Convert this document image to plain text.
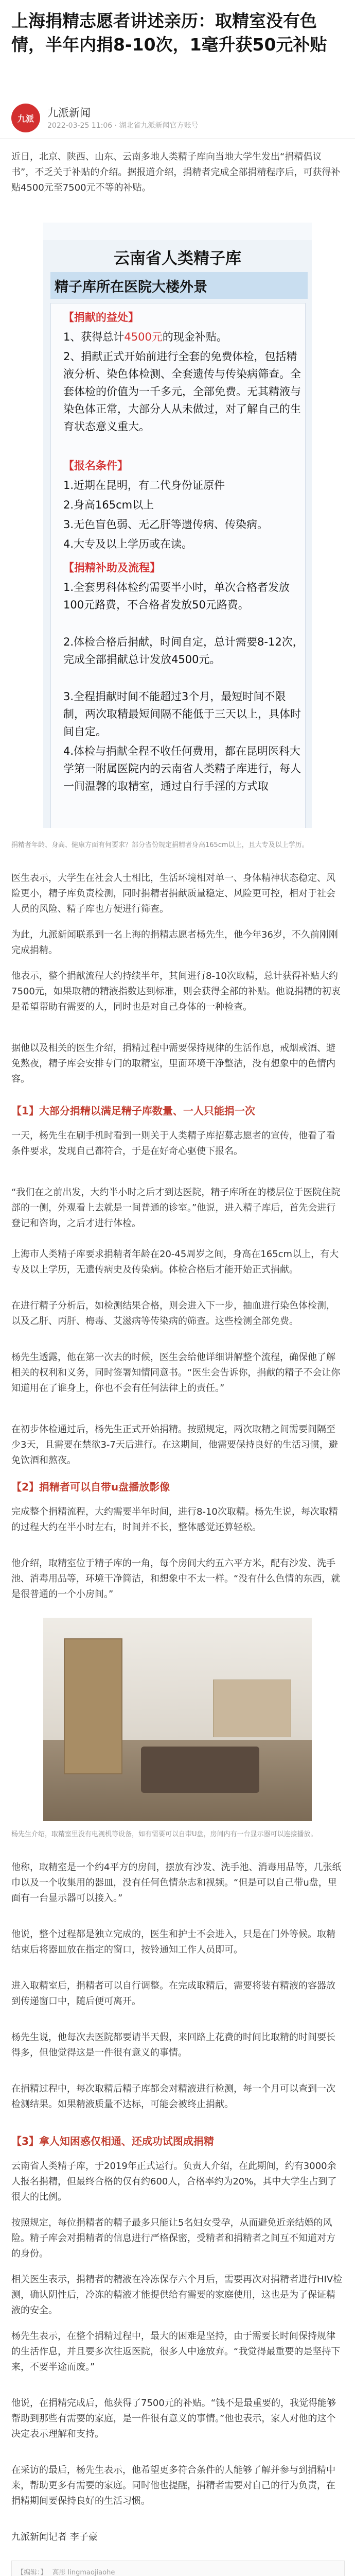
上海捐精志愿者讲述亲历：取精室没有色情，半年内捐8-10次，1毫升获50元补贴
九派 九派新闻
2022-03-25 11:06 · 湖北省九派新闻官方账号

近日，北京、陕西、山东、云南多地人类精子库向当地大学生发出“捐精倡议书”，不乏关于补贴的介绍。据报道介绍，捐精者完成全部捐精程序后，可获得补贴4500元至7500元不等的补贴。

云南省人类精子库
精子库所在医院大楼外景

【捐献的益处】

1、获得总计4500元的现金补贴。

2、捐献正式开始前进行全套的免费体检，包括精液分析、染色体检测、全套遗传与传染病筛查。全套体检的价值为一千多元，全部免费。无其精液与染色体正常，大部分人从未做过，对了解自己的生育状态意义重大。

【报名条件】

1.近期在昆明，有二代身份证原件

2.身高165cm以上

3.无色盲色弱、无乙肝等遗传病、传染病。

4.大专及以上学历或在读。

【捐精补助及流程】

1.全套男科体检约需要半小时，单次合格者发放100元路费，不合格者发放50元路费。

2.体检合格后捐献，时间自定，总计需要8-12次，完成全部捐献总计发放4500元。

3.全程捐献时间不能超过3个月，最短时间不限制，两次取精最短间隔不能低于三天以上，具体时间自定。

4.体检与捐献全程不收任何费用，都在昆明医科大学第一附属医院内的云南省人类精子库进行，每人一间温馨的取精室，通过自行手淫的方式取

捐精者年龄、身高、健康方面有何要求？部分省份规定捐精者身高165cm以上，且大专及以上学历。

医生表示，大学生在社会人士相比，生活环境相对单一、身体精神状态稳定、风险更小，精子库负责检测，同时捐精者捐献质量稳定、风险更可控，相对于社会人员的风险、精子库也方便进行筛查。

为此，九派新闻联系到一名上海的捐精志愿者杨先生，他今年36岁，不久前刚刚完成捐精。

他表示，整个捐献流程大约持续半年，其间进行8-10次取精，总计获得补贴大约7500元，如果取精的精液指数达到标准，则会获得全部的补贴。他说捐精的初衷是希望帮助有需要的人，同时也是对自己身体的一种检查。

据他以及相关的医生介绍，捐精过程中需要保持规律的生活作息，戒烟戒酒、避免熬夜，精子库会安排专门的取精室，里面环境干净整洁，没有想象中的色情内容。

【1】大部分捐精以满足精子库数量、一人只能捐一次

一天，杨先生在刷手机时看到一则关于人类精子库招募志愿者的宣传，他看了看条件要求，发现自己都符合，于是在好奇心驱使下报名。

“我们在之前出发，大约半小时之后才到达医院，精子库所在的楼层位于医院住院部的一侧，外观看上去就是一间普通的诊室。”他说，进入精子库后，首先会进行登记和咨询，之后才进行体检。

上海市人类精子库要求捐精者年龄在20-45周岁之间，身高在165cm以上，有大专及以上学历，无遗传病史及传染病。体检合格后才能开始正式捐献。

在进行精子分析后，如检测结果合格，则会进入下一步，抽血进行染色体检测，以及乙肝、丙肝、梅毒、艾滋病等传染病的筛查。这些检测全部免费。

杨先生透露，他在第一次去的时候，医生会给他详细讲解整个流程，确保他了解相关的权利和义务，同时签署知情同意书。“医生会告诉你，捐献的精子不会让你知道用在了谁身上，你也不会有任何法律上的责任。”

在初步体检通过后，杨先生正式开始捐精。按照规定，两次取精之间需要间隔至少3天，且需要在禁欲3-7天后进行。在这期间，他需要保持良好的生活习惯，避免饮酒和熬夜。

【2】捐精者可以自带u盘播放影像

完成整个捐精流程，大约需要半年时间，进行8-10次取精。杨先生说，每次取精的过程大约在半小时左右，时间并不长，整体感觉还算轻松。

他介绍，取精室位于精子库的一角，每个房间大约五六平方米，配有沙发、洗手池、消毒用品等，环境干净简洁，和想象中不太一样。“没有什么色情的东西，就是很普通的一个小房间。”

杨先生介绍，取精室里没有电视机等设备，如有需要可以自带U盘，房间内有一台显示器可以连接播放。

他称，取精室是一个约4平方的房间，摆放有沙发、洗手池、消毒用品等，几张纸巾以及一个收集用的器皿，没有任何色情杂志和视频。“但是可以自己带u盘，里面有一台显示器可以接入。”

他说，整个过程都是独立完成的，医生和护士不会进入，只是在门外等候。取精结束后将器皿放在指定的窗口，按铃通知工作人员即可。

进入取精室后，捐精者可以自行调整。在完成取精后，需要将装有精液的容器放到传递窗口中，随后便可离开。

杨先生说，他每次去医院都要请半天假，来回路上花费的时间比取精的时间要长得多，但他觉得这是一件很有意义的事情。

在捐精过程中，每次取精后精子库都会对精液进行检测，每一个月可以查到一次检测结果。如果精液质量不达标，可能会被终止捐献。

【3】拿人知困惑仅相通、还成功试图成捐精

云南省人类精子库，于2019年正式运行。负责人介绍，在此期间，约有3000余人报名捐精，但最终合格的仅有约600人，合格率约为20%，其中大学生占到了很大的比例。

按照规定，每位捐精者的精子最多只能让5名妇女受孕，从而避免近亲结婚的风险。精子库会对捐精者的信息进行严格保密，受精者和捐精者之间互不知道对方的身份。

相关医生表示，捐精者的精液在冷冻保存六个月后，需要再次对捐精者进行HIV检测，确认阴性后，冷冻的精液才能提供给有需要的家庭使用，这也是为了保证精液的安全。

杨先生表示，在整个捐精过程中，最大的困难是坚持，由于需要长时间保持规律的生活作息，并且要多次往返医院，很多人中途放弃。“我觉得最重要的是坚持下来，不要半途而废。”

他说，在捐精完成后，他获得了7500元的补贴。“钱不是最重要的，我觉得能够帮助到那些有需要的家庭，是一件很有意义的事情。”他也表示，家人对他的这个决定表示理解和支持。

在采访的最后，杨先生表示，他希望更多符合条件的人能够了解并参与到捐精中来，帮助更多有需要的家庭。同时他也提醒，捐精者需要对自己的行为负责，在捐精期间要保持良好的生活习惯。

九派新闻记者 李子豪

【编辑：】 高彤 lingmaojiaohe
